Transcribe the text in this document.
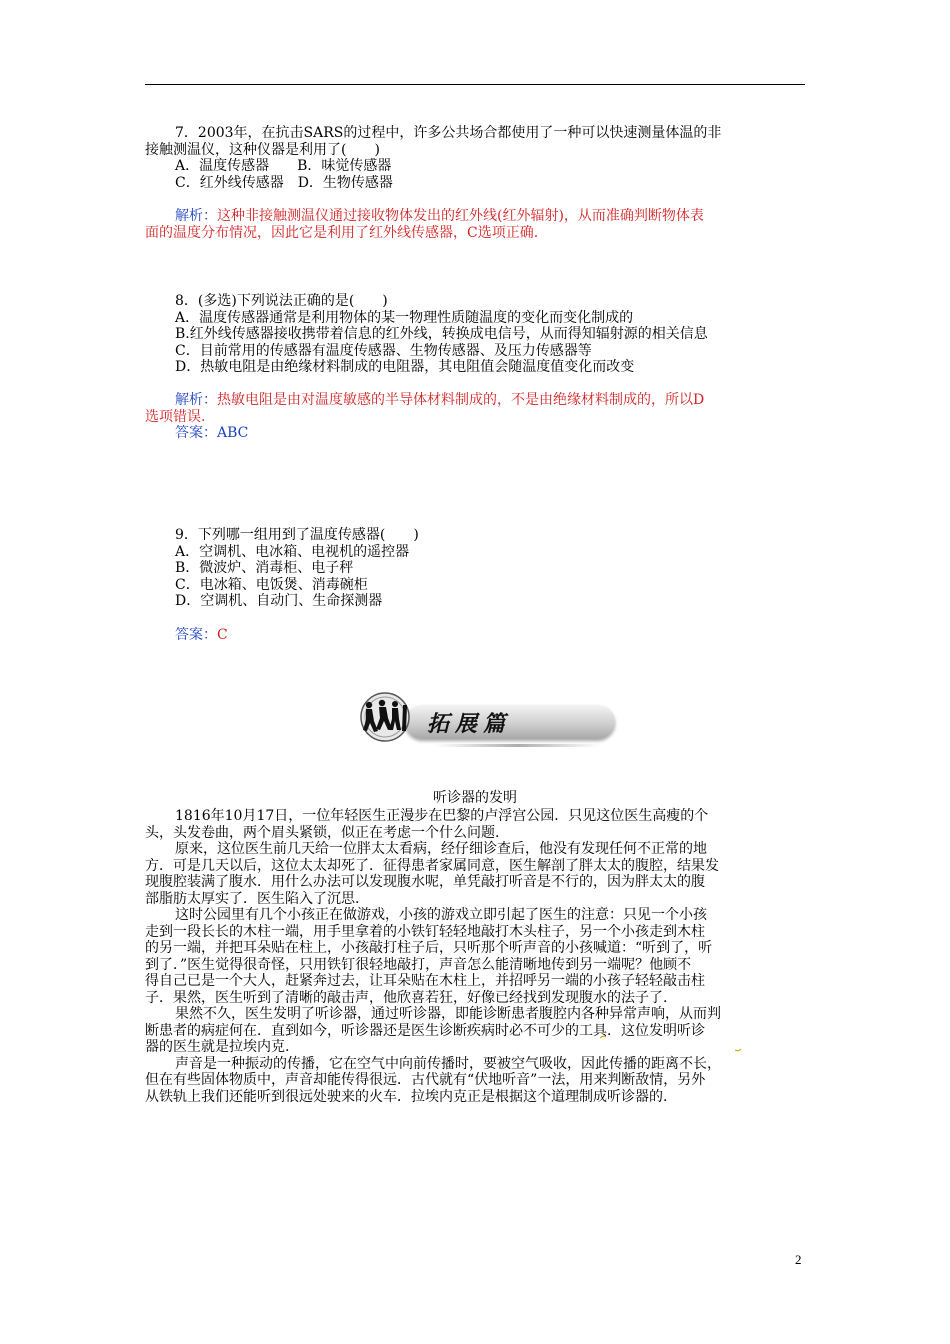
7．2003年，在抗击SARS的过程中，许多公共场合都使用了一种可以快速测量体温的非
接触测温仪，这种仪器是利用了(　　)
A．温度传感器　　B．味觉传感器
C．红外线传感器　D．生物传感器
解析：这种非接触测温仪通过接收物体发出的红外线(红外辐射)，从而准确判断物体表
面的温度分布情况，因此它是利用了红外线传感器，C选项正确.
8．(多选)下列说法正确的是(　　)
A．温度传感器通常是利用物体的某一物理性质随温度的变化而变化制成的
B.红外线传感器接收携带着信息的红外线，转换成电信号，从而得知辐射源的相关信息
C．目前常用的传感器有温度传感器、生物传感器、及压力传感器等
D．热敏电阻是由绝缘材料制成的电阻器，其电阻值会随温度值变化而改变
解析：热敏电阻是由对温度敏感的半导体材料制成的，不是由绝缘材料制成的，所以D
选项错误.
答案：ABC
9．下列哪一组用到了温度传感器(　　)
A．空调机、电冰箱、电视机的遥控器
B．微波炉、消毒柜、电子秤
C．电冰箱、电饭煲、消毒碗柜
D．空调机、自动门、生命探测器
答案：C
拓展篇
听诊器的发明
1816年10月17日，一位年轻医生正漫步在巴黎的卢浮宫公园．只见这位医生高瘦的个
头，头发卷曲，两个眉头紧锁，似正在考虑一个什么问题.
原来，这位医生前几天给一位胖太太看病，经仔细诊查后，他没有发现任何不正常的地
方．可是几天以后，这位太太却死了．征得患者家属同意，医生解剖了胖太太的腹腔，结果发
现腹腔装满了腹水．用什么办法可以发现腹水呢，单凭敲打听音是不行的，因为胖太太的腹
部脂肪太厚实了．医生陷入了沉思.
这时公园里有几个小孩正在做游戏，小孩的游戏立即引起了医生的注意：只见一个小孩
走到一段长长的木柱一端，用手里拿着的小铁钉轻轻地敲打木头柱子，另一个小孩走到木柱
的另一端，并把耳朵贴在柱上，小孩敲打柱子后，只听那个听声音的小孩喊道：“听到了，听
到了．”医生觉得很奇怪，只用铁钉很轻地敲打，声音怎么能清晰地传到另一端呢？他顾不
得自己已是一个大人，赶紧奔过去，让耳朵贴在木柱上，并招呼另一端的小孩子轻轻敲击柱
子．果然，医生听到了清晰的敲击声，他欣喜若狂，好像已经找到发现腹水的法子了.
果然不久，医生发明了听诊器，通过听诊器，即能诊断患者腹腔内各种异常声响，从而判
断患者的病症何在．直到如今，听诊器还是医生诊断疾病时必不可少的工具．这位发明听诊
器的医生就是拉埃内克.
声音是一种振动的传播，它在空气中向前传播时，要被空气吸收，因此传播的距离不长，
但在有些固体物质中，声音却能传得很远．古代就有“伏地听音”一法，用来判断敌情，另外
从铁轨上我们还能听到很远处驶来的火车．拉埃内克正是根据这个道理制成听诊器的.
2
